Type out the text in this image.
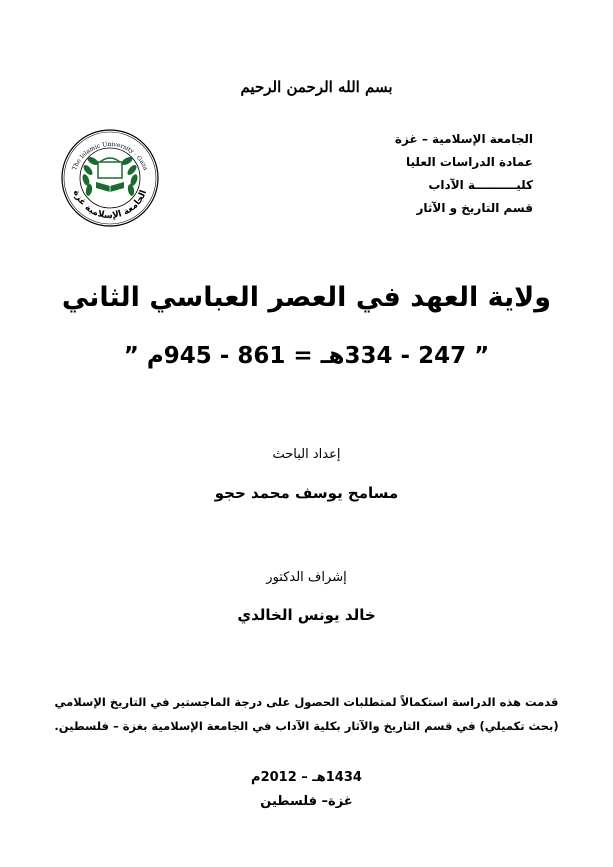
بسم الله الرحمن الرحيم
الجامعة الإسلامية – غزة
عمادة الدراسات العليا
كليــــــــــة الآداب
قسم التاريخ و الآثار
الجامعة الإسلامية غزة
The Islamic University · Gaza
ولاية العهد في العصر العباسي الثاني
” 247 - 334هـ = 861 - 945م ”
إعداد الباحث
مسامح يوسف محمد حجو
إشراف الدكتور
خالد يونس الخالدي
قدمت هذه الدراسة استكمالاً لمتطلبات الحصول على درجة الماجستير في التاريخ الإسلامي
(بحث تكميلي) في قسم التاريخ والآثار بكلية الآداب في الجامعة الإسلامية بغزة – فلسطين.
1434هـ – 2012م
غزة– فلسطين
